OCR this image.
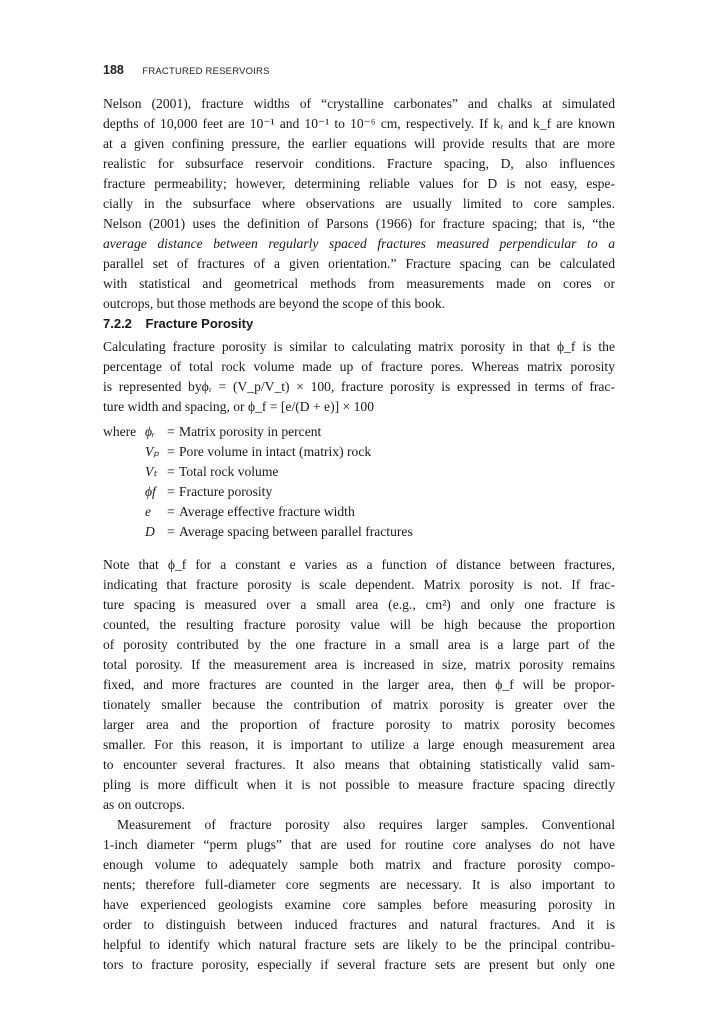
188 FRACTURED RESERVOIRS
Nelson (2001), fracture widths of “crystalline carbonates” and chalks at simulated
depths of 10,000 feet are 10⁻¹ and 10⁻¹ to 10⁻⁶ cm, respectively. If kᵣ and k_f are known
at a given confining pressure, the earlier equations will provide results that are more
realistic for subsurface reservoir conditions. Fracture spacing, D, also influences
fracture permeability; however, determining reliable values for D is not easy, espe-
cially in the subsurface where observations are usually limited to core samples.
Nelson (2001) uses the definition of Parsons (1966) for fracture spacing; that is, “the
average distance between regularly spaced fractures measured perpendicular to a
parallel set of fractures of a given orientation.” Fracture spacing can be calculated
with statistical and geometrical methods from measurements made on cores or
outcrops, but those methods are beyond the scope of this book.
7.2.2 Fracture Porosity
Calculating fracture porosity is similar to calculating matrix porosity in that ϕ_f is the
percentage of total rock volume made up of fracture pores. Whereas matrix porosity
is represented byϕᵣ = (V_p/V_t) × 100, fracture porosity is expressed in terms of frac-
ture width and spacing, or ϕ_f = [e/(D + e)] × 100
where ϕᵣ = Matrix porosity in percent
Vₚ = Pore volume in intact (matrix) rock
Vₜ = Total rock volume
ϕf = Fracture porosity
e	= Average effective fracture width
D = Average spacing between parallel fractures
Note that ϕ_f for a constant e varies as a function of distance between fractures,
indicating that fracture porosity is scale dependent. Matrix porosity is not. If frac-
ture spacing is measured over a small area (e.g., cm²) and only one fracture is
counted, the resulting fracture porosity value will be high because the proportion
of porosity contributed by the one fracture in a small area is a large part of the
total porosity. If the measurement area is increased in size, matrix porosity remains
fixed, and more fractures are counted in the larger area, then ϕ_f will be propor-
tionately smaller because the contribution of matrix porosity is greater over the
larger area and the proportion of fracture porosity to matrix porosity becomes
smaller. For this reason, it is important to utilize a large enough measurement area
to encounter several fractures. It also means that obtaining statistically valid sam-
pling is more difficult when it is not possible to measure fracture spacing directly
as on outcrops.
Measurement of fracture porosity also requires larger samples. Conventional
1-inch diameter “perm plugs” that are used for routine core analyses do not have
enough volume to adequately sample both matrix and fracture porosity compo-
nents; therefore full-diameter core segments are necessary. It is also important to
have experienced geologists examine core samples before measuring porosity in
order to distinguish between induced fractures and natural fractures. And it is
helpful to identify which natural fracture sets are likely to be the principal contribu-
tors to fracture porosity, especially if several fracture sets are present but only one
